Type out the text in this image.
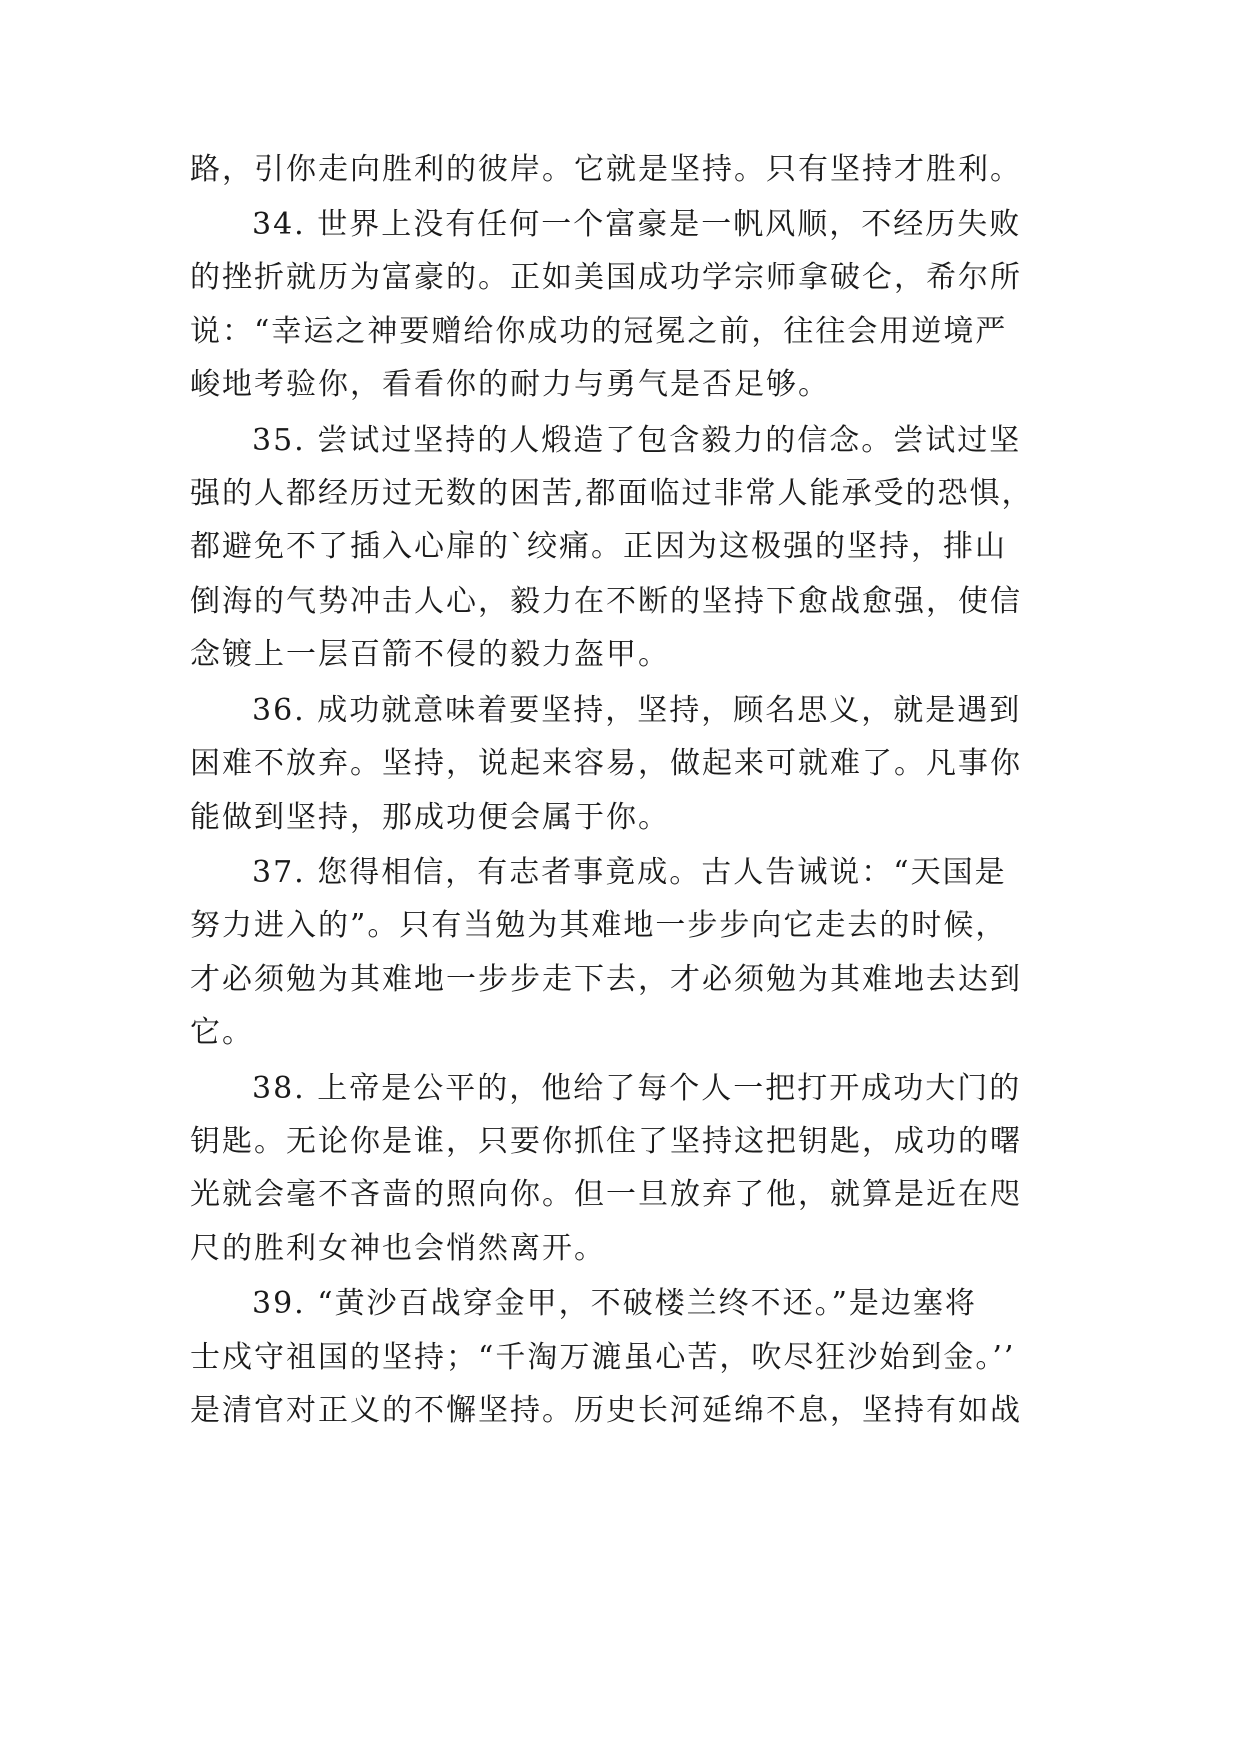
路，引你走向胜利的彼岸。它就是坚持。只有坚持才胜利。
34. 世界上没有任何一个富豪是一帆风顺，不经历失败
的挫折就历为富豪的。正如美国成功学宗师拿破仑，希尔所
说：“幸运之神要赠给你成功的冠冕之前，往往会用逆境严
峻地考验你，看看你的耐力与勇气是否足够。
35. 尝试过坚持的人煅造了包含毅力的信念。尝试过坚
强的人都经历过无数的困苦,都面临过非常人能承受的恐惧，
都避免不了插入心扉的`绞痛。正因为这极强的坚持，排山
倒海的气势冲击人心，毅力在不断的坚持下愈战愈强，使信
念镀上一层百箭不侵的毅力盔甲。
36. 成功就意味着要坚持，坚持，顾名思义，就是遇到
困难不放弃。坚持，说起来容易，做起来可就难了。凡事你
能做到坚持，那成功便会属于你。
37. 您得相信，有志者事竟成。古人告诫说：“天国是
努力进入的”。只有当勉为其难地一步步向它走去的时候，
才必须勉为其难地一步步走下去，才必须勉为其难地去达到
它。
38. 上帝是公平的，他给了每个人一把打开成功大门的
钥匙。无论你是谁，只要你抓住了坚持这把钥匙，成功的曙
光就会毫不吝啬的照向你。但一旦放弃了他，就算是近在咫
尺的胜利女神也会悄然离开。
39. “黄沙百战穿金甲，不破楼兰终不还。”是边塞将
士戍守祖国的坚持；“千淘万漉虽心苦，吹尽狂沙始到金。’’
是清官对正义的不懈坚持。历史长河延绵不息，坚持有如战
